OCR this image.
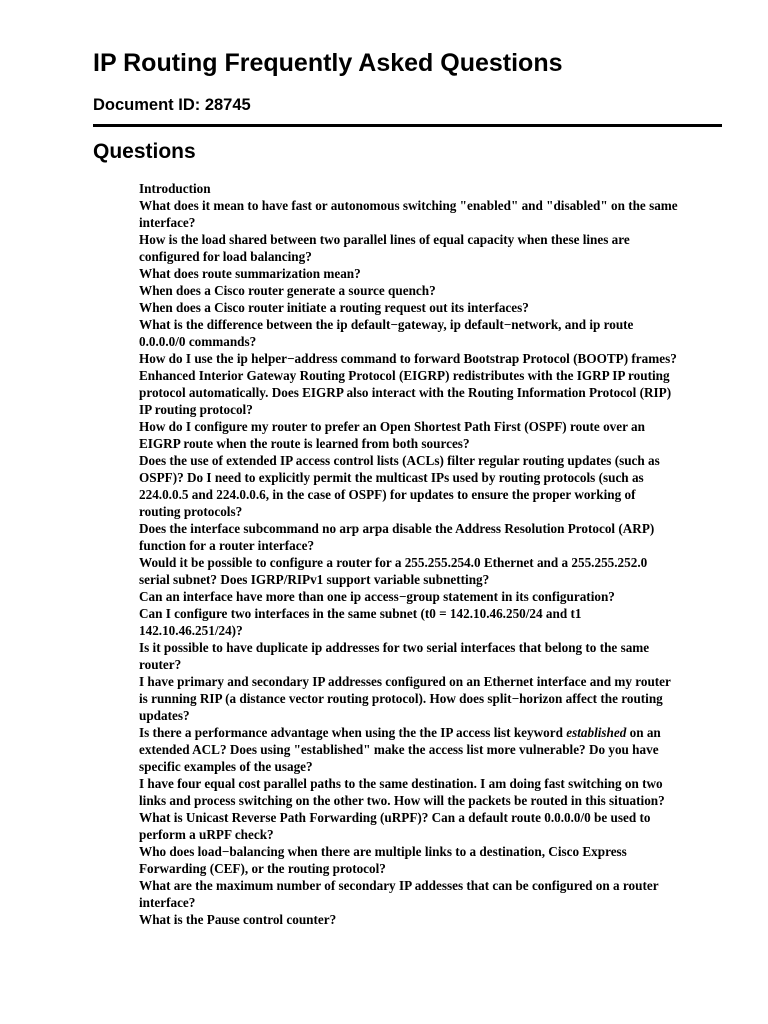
IP Routing Frequently Asked Questions
Document ID: 28745
Questions
Introduction
What does it mean to have fast or autonomous switching "enabled" and "disabled" on the same interface?
How is the load shared between two parallel lines of equal capacity when these lines are configured for load balancing?
What does route summarization mean?
When does a Cisco router generate a source quench?
When does a Cisco router initiate a routing request out its interfaces?
What is the difference between the ip default−gateway, ip default−network, and ip route 0.0.0.0/0 commands?
How do I use the ip helper−address command to forward Bootstrap Protocol (BOOTP) frames?
Enhanced Interior Gateway Routing Protocol (EIGRP) redistributes with the IGRP IP routing protocol automatically. Does EIGRP also interact with the Routing Information Protocol (RIP) IP routing protocol?
How do I configure my router to prefer an Open Shortest Path First (OSPF) route over an EIGRP route when the route is learned from both sources?
Does the use of extended IP access control lists (ACLs) filter regular routing updates (such as OSPF)? Do I need to explicitly permit the multicast IPs used by routing protocols (such as 224.0.0.5 and 224.0.0.6, in the case of OSPF) for updates to ensure the proper working of routing protocols?
Does the interface subcommand no arp arpa disable the Address Resolution Protocol (ARP) function for a router interface?
Would it be possible to configure a router for a 255.255.254.0 Ethernet and a 255.255.252.0 serial subnet? Does IGRP/RIPv1 support variable subnetting?
Can an interface have more than one ip access−group statement in its configuration?
Can I configure two interfaces in the same subnet (t0 = 142.10.46.250/24 and t1 142.10.46.251/24)?
Is it possible to have duplicate ip addresses for two serial interfaces that belong to the same router?
I have primary and secondary IP addresses configured on an Ethernet interface and my router is running RIP (a distance vector routing protocol). How does split−horizon affect the routing updates?
Is there a performance advantage when using the the IP access list keyword established on an extended ACL? Does using "established" make the access list more vulnerable? Do you have specific examples of the usage?
I have four equal cost parallel paths to the same destination. I am doing fast switching on two links and process switching on the other two. How will the packets be routed in this situation?
What is Unicast Reverse Path Forwarding (uRPF)? Can a default route 0.0.0.0/0 be used to perform a uRPF check?
Who does load−balancing when there are multiple links to a destination, Cisco Express Forwarding (CEF), or the routing protocol?
What are the maximum number of secondary IP addesses that can be configured on a router interface?
What is the Pause control counter?
